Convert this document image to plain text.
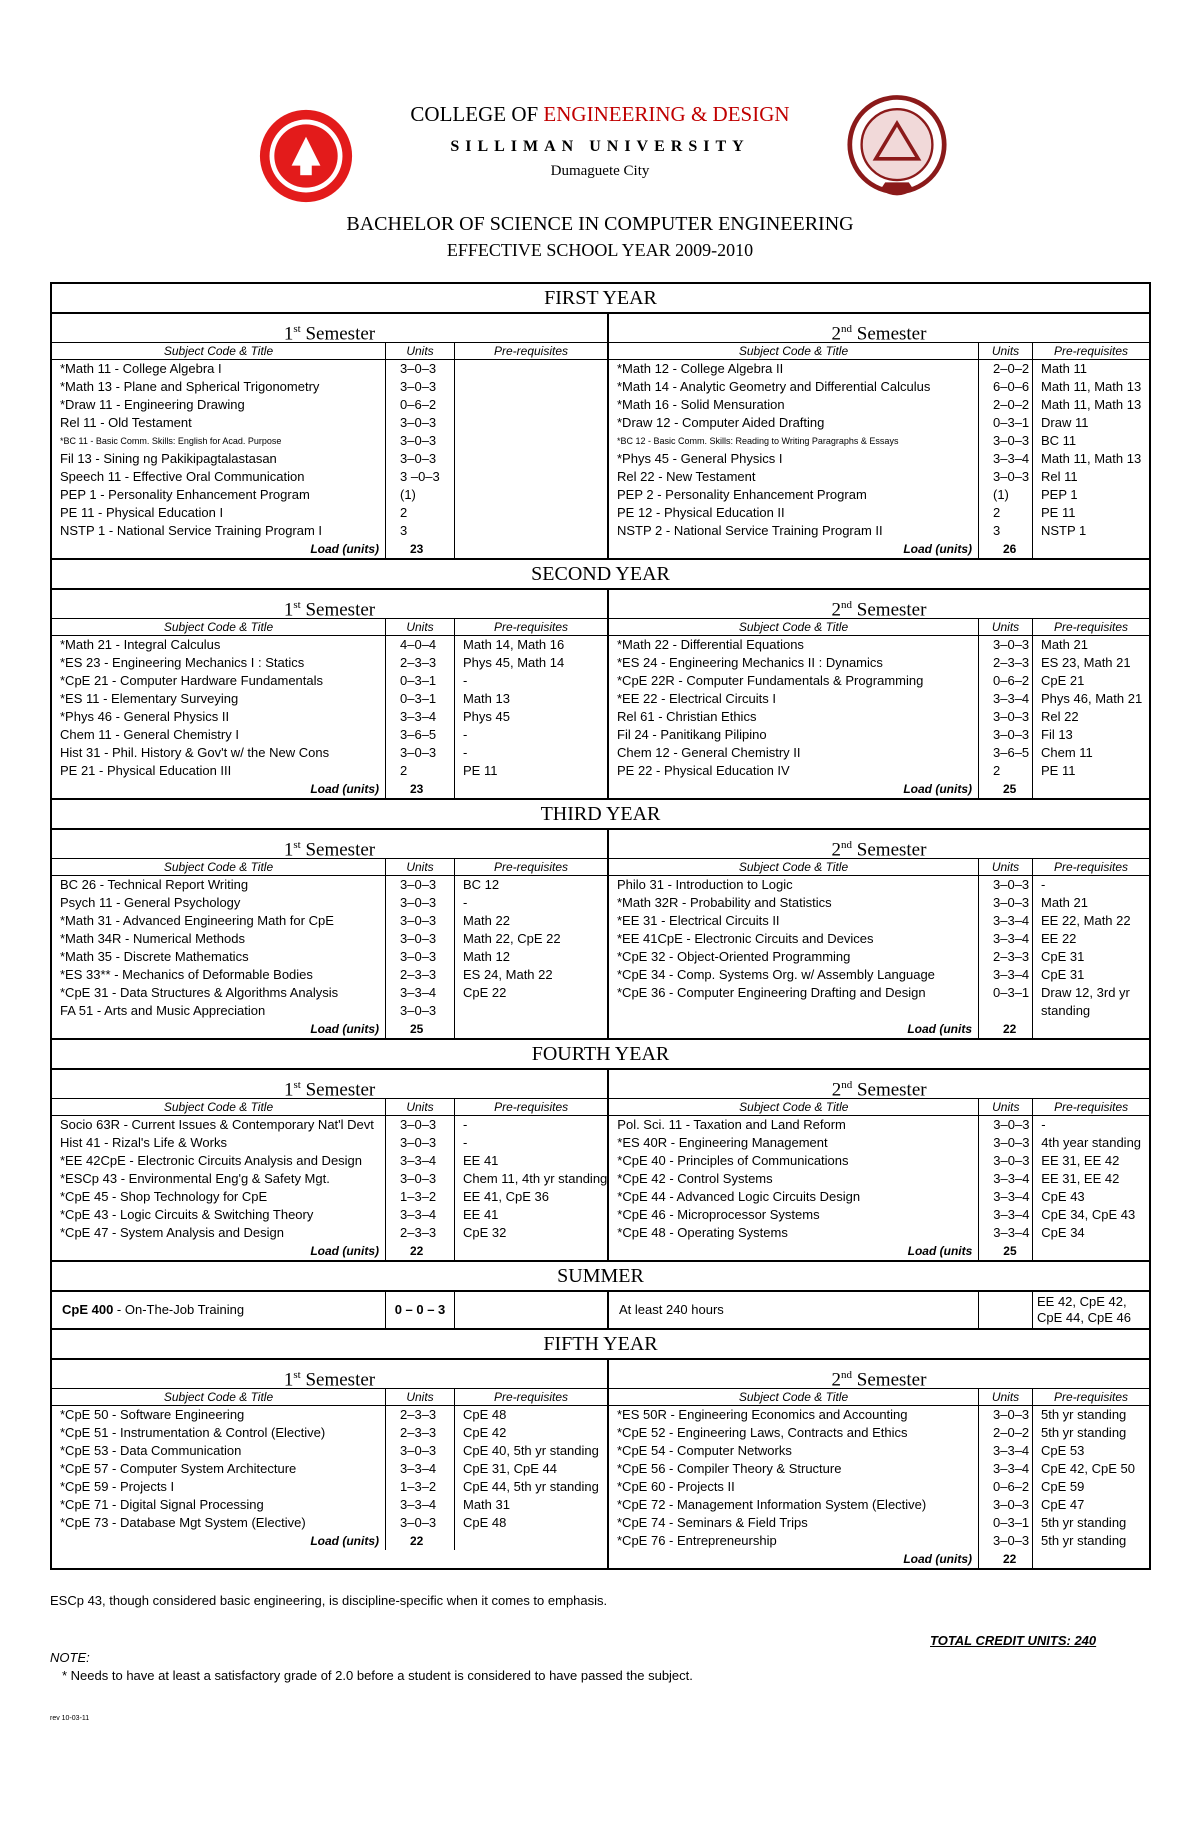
COLLEGE OF ENGINEERING & DESIGN
SILLIMAN UNIVERSITY
Dumaguete City
BACHELOR OF SCIENCE IN COMPUTER ENGINEERING
EFFECTIVE SCHOOL YEAR 2009-2010
FIRST YEAR
1st Semester
Subject Code & Title
*Math 11 - College Algebra I
*Math 13 - Plane and Spherical Trigonometry
*Draw 11 - Engineering Drawing
Rel 11 - Old Testament
*BC 11 - Basic Comm. Skills: English for Acad. Purpose
Fil 13 - Sining ng Pakikipagtalastasan
Speech 11 - Effective Oral Communication
PEP 1 - Personality Enhancement Program
PE 11 - Physical Education I
NSTP 1 - National Service Training Program I
Load (units)
Units
3–0–3
3–0–3
0–6–2
3–0–3
3–0–3
3–0–3
3 –0–3
(1)
2
3
23
Pre-requisites
2nd Semester
Subject Code & Title
*Math 12 - College Algebra II
*Math 14 - Analytic Geometry and Differential Calculus
*Math 16 - Solid Mensuration
*Draw 12 - Computer Aided Drafting
*BC 12 - Basic Comm. Skills: Reading to Writing Paragraphs & Essays
*Phys 45 - General Physics I
Rel 22 - New Testament
PEP 2 - Personality Enhancement Program
PE 12 - Physical Education II
NSTP 2 - National Service Training Program II
Load (units)
Units
2–0–2
6–0–6
2–0–2
0–3–1
3–0–3
3–3–4
3–0–3
(1)
2
3
26
Pre-requisites
Math 11
Math 11, Math 13
Math 11, Math 13
Draw 11
BC 11
Math 11, Math 13
Rel 11
PEP 1
PE 11
NSTP 1
SECOND YEAR
1st Semester
Subject Code & Title
*Math 21 - Integral Calculus
*ES 23 - Engineering Mechanics I : Statics
*CpE 21 - Computer Hardware Fundamentals
*ES 11 - Elementary Surveying
*Phys 46 - General Physics II
Chem 11 - General Chemistry I
Hist 31 - Phil. History & Gov't w/ the New Cons
PE 21 - Physical Education III
Load (units)
Units
4–0–4
2–3–3
0–3–1
0–3–1
3–3–4
3–6–5
3–0–3
2
23
Pre-requisites
Math 14, Math 16
Phys 45, Math 14
-
Math 13
Phys 45
-
-
PE 11
2nd Semester
Subject Code & Title
*Math 22 - Differential Equations
*ES 24 - Engineering Mechanics II : Dynamics
*CpE 22R - Computer Fundamentals & Programming
*EE 22 - Electrical Circuits I
Rel 61 - Christian Ethics
Fil 24 - Panitikang Pilipino
Chem 12 - General Chemistry II
PE 22 - Physical Education IV
Load (units)
Units
3–0–3
2–3–3
0–6–2
3–3–4
3–0–3
3–0–3
3–6–5
2
25
Pre-requisites
Math 21
ES 23, Math 21
CpE 21
Phys 46, Math 21
Rel 22
Fil 13
Chem 11
PE 11
THIRD YEAR
1st Semester
Subject Code & Title
BC 26 - Technical Report Writing
Psych 11 - General Psychology
*Math 31 - Advanced Engineering Math for CpE
*Math 34R - Numerical Methods
*Math 35 - Discrete Mathematics
*ES 33** - Mechanics of Deformable Bodies
*CpE 31 - Data Structures & Algorithms Analysis
FA 51 - Arts and Music Appreciation
Load (units)
Units
3–0–3
3–0–3
3–0–3
3–0–3
3–0–3
2–3–3
3–3–4
3–0–3
25
Pre-requisites
BC 12
-
Math 22
Math 22, CpE 22
Math 12
ES 24, Math 22
CpE 22
2nd Semester
Subject Code & Title
Philo 31 - Introduction to Logic
*Math 32R - Probability and Statistics
*EE 31 - Electrical Circuits II
*EE 41CpE - Electronic Circuits and Devices
*CpE 32 - Object-Oriented Programming
*CpE 34 - Comp. Systems Org. w/ Assembly Language
*CpE 36 - Computer Engineering Drafting and Design
Load (units
Units
3–0–3
3–0–3
3–3–4
3–3–4
2–3–3
3–3–4
0–3–1
22
Pre-requisites
-
Math 21
EE 22, Math 22
EE 22
CpE 31
CpE 31
Draw 12, 3rd yr
standing
FOURTH YEAR
1st Semester
Subject Code & Title
Socio 63R - Current Issues & Contemporary Nat'l Devt
Hist 41 - Rizal's Life & Works
*EE 42CpE - Electronic Circuits Analysis and Design
*ESCp 43 - Environmental Eng'g & Safety Mgt.
*CpE 45 - Shop Technology for CpE
*CpE 43 - Logic Circuits & Switching Theory
*CpE 47 - System Analysis and Design
Load (units)
Units
3–0–3
3–0–3
3–3–4
3–0–3
1–3–2
3–3–4
2–3–3
22
Pre-requisites
-
-
EE 41
Chem 11, 4th yr standing
EE 41, CpE 36
EE 41
CpE 32
2nd Semester
Subject Code & Title
Pol. Sci. 11 - Taxation and Land Reform
*ES 40R - Engineering Management
*CpE 40 - Principles of Communications
*CpE 42 - Control Systems
*CpE 44 - Advanced Logic Circuits Design
*CpE 46 - Microprocessor Systems
*CpE 48 - Operating Systems
Load (units
Units
3–0–3
3–0–3
3–0–3
3–3–4
3–3–4
3–3–4
3–3–4
25
Pre-requisites
-
4th year standing
EE 31, EE 42
EE 31, EE 42
CpE 43
CpE 34, CpE 43
CpE 34
SUMMER
CpE 400 - On-The-Job Training	0 – 0 – 3	At least 240 hours
EE 42, CpE 42, CpE 44, CpE 46
FIFTH YEAR
1st Semester
Subject Code & Title
*CpE 50 - Software Engineering
*CpE 51 - Instrumentation & Control (Elective)
*CpE 53 - Data Communication
*CpE 57 - Computer System Architecture
*CpE 59 - Projects I
*CpE 71 - Digital Signal Processing
*CpE 73 - Database Mgt System (Elective)
Load (units)
Units
2–3–3
2–3–3
3–0–3
3–3–4
1–3–2
3–3–4
3–0–3
22
Pre-requisites
CpE 48
CpE 42
CpE 40, 5th yr standing
CpE 31, CpE 44
CpE 44, 5th yr standing
Math 31
CpE 48
2nd Semester
Subject Code & Title
*ES 50R - Engineering Economics and Accounting
*CpE 52 - Engineering Laws, Contracts and Ethics
*CpE 54 - Computer Networks
*CpE 56 - Compiler Theory & Structure
*CpE 60 - Projects II
*CpE 72 - Management Information System (Elective)
*CpE 74 - Seminars & Field Trips
*CpE 76 - Entrepreneurship
Load (units)
Units
3–0–3
2–0–2
3–3–4
3–3–4
0–6–2
3–0–3
0–3–1
3–0–3
22
Pre-requisites
5th yr standing
5th yr standing
CpE 53
CpE 42, CpE 50
CpE 59
CpE 47
5th yr standing
5th yr standing
ESCp 43, though considered basic engineering, is discipline-specific when it comes to emphasis.
TOTAL CREDIT UNITS: 240
NOTE:
* Needs to have at least a satisfactory grade of 2.0 before a student is considered to have passed the subject.
rev 10-03-11
